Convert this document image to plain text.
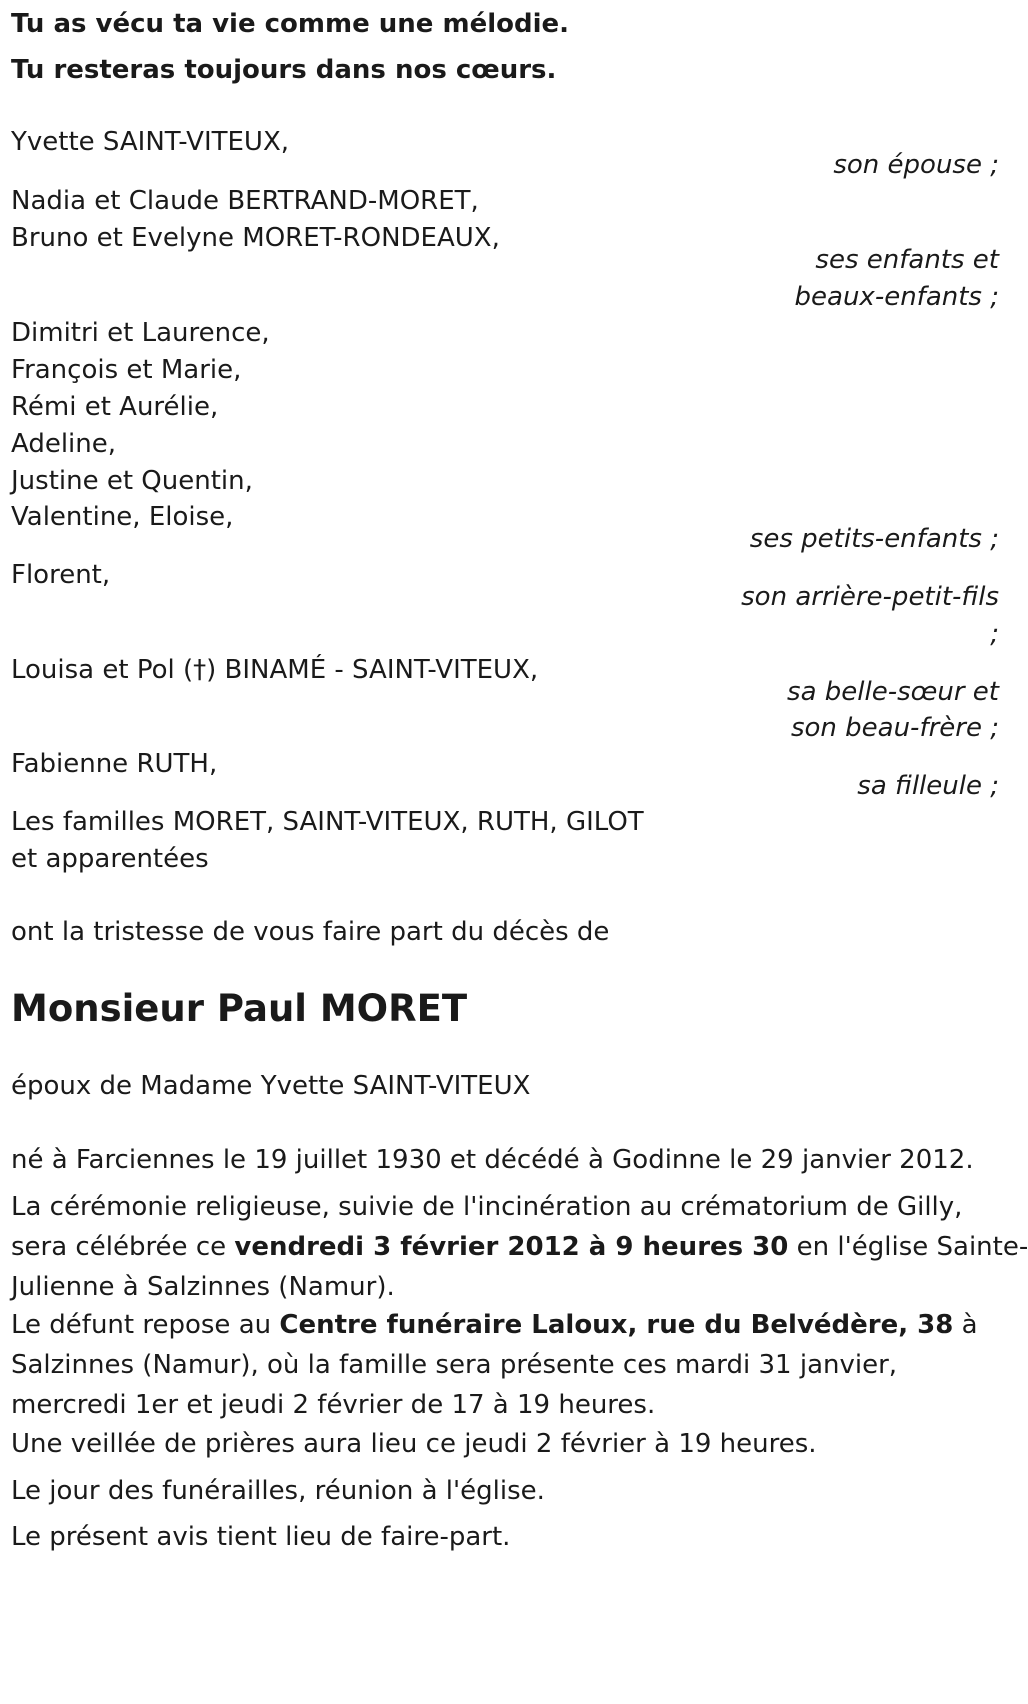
Tu as vécu ta vie comme une mélodie.
Tu resteras toujours dans nos cœurs.
Yvette SAINT-VITEUX,
son épouse ;
Nadia et Claude BERTRAND-MORET,
Bruno et Evelyne MORET-RONDEAUX,
ses enfants et
beaux-enfants ;
Dimitri et Laurence,
François et Marie,
Rémi et Aurélie,
Adeline,
Justine et Quentin,
Valentine, Eloise,
ses petits-enfants ;
Florent,
son arrière-petit-fils
;
Louisa et Pol (†) BINAMÉ - SAINT-VITEUX,
sa belle-sœur et
son beau-frère ;
Fabienne RUTH,
sa filleule ;
Les familles MORET, SAINT-VITEUX, RUTH, GILOT
et apparentées
ont la tristesse de vous faire part du décès de
Monsieur Paul MORET
époux de Madame Yvette SAINT-VITEUX
né à Farciennes le 19 juillet 1930 et décédé à Godinne le 29 janvier 2012.
La cérémonie religieuse, suivie de l'incinération au crématorium de Gilly,
sera célébrée ce vendredi 3 février 2012 à 9 heures 30 en l'église Sainte-
Julienne à Salzinnes (Namur).
Le défunt repose au Centre funéraire Laloux, rue du Belvédère, 38 à
Salzinnes (Namur), où la famille sera présente ces mardi 31 janvier,
mercredi 1er et jeudi 2 février de 17 à 19 heures.
Une veillée de prières aura lieu ce jeudi 2 février à 19 heures.
Le jour des funérailles, réunion à l'église.
Le présent avis tient lieu de faire-part.
